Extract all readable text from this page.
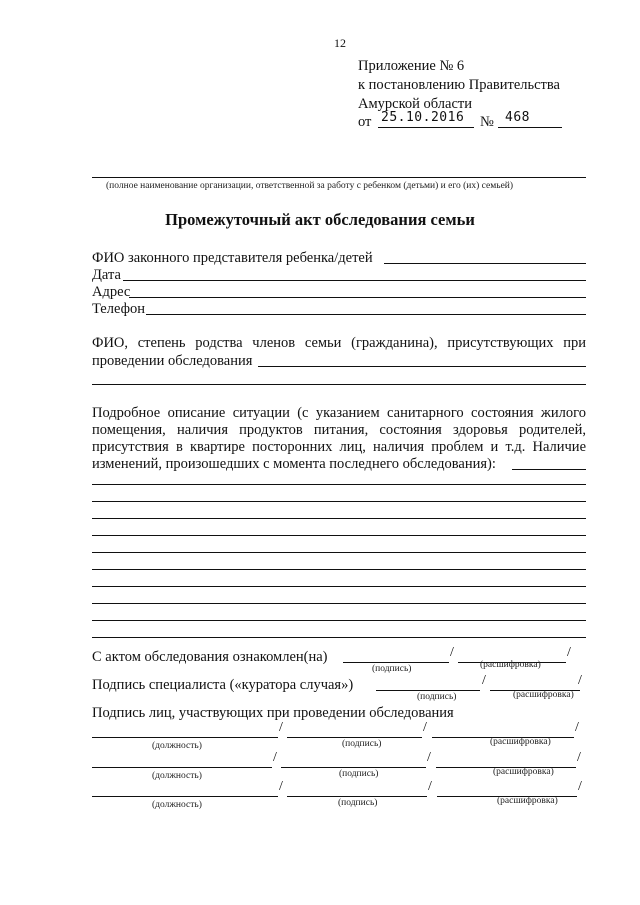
12
Приложение № 6
к постановлению Правительства
Амурской области
от 25.10.2016 № 468
(полное наименование организации, ответственной за работу с ребенком (детьми) и его (их) семьей)
Промежуточный акт обследования семьи
ФИО законного представителя ребенка/детей
Дата
Адрес
Телефон
ФИО, степень родства членов семьи (гражданина), присутствующих при
проведении обследования
Подробное описание ситуации (с указанием санитарного состояния жилого
помещения, наличия продуктов питания, состояния здоровья родителей,
присутствия в квартире посторонних лиц, наличия проблем и т.д. Наличие
изменений, произошедших с момента последнего обследования):
С актом обследования ознакомлен(на)	/	/
(подпись)	(расшифровка)
Подпись специалиста («куратора случая»)	/	/
(подпись)	(расшифровка)
Подпись лиц, участвующих при проведении обследования
/	/	/
(должность)	(подпись)	(расшифровка)
/	/	/
(должность)	(подпись)	(расшифровка)
/	/	/
(должность)	(подпись)	(расшифровка)
